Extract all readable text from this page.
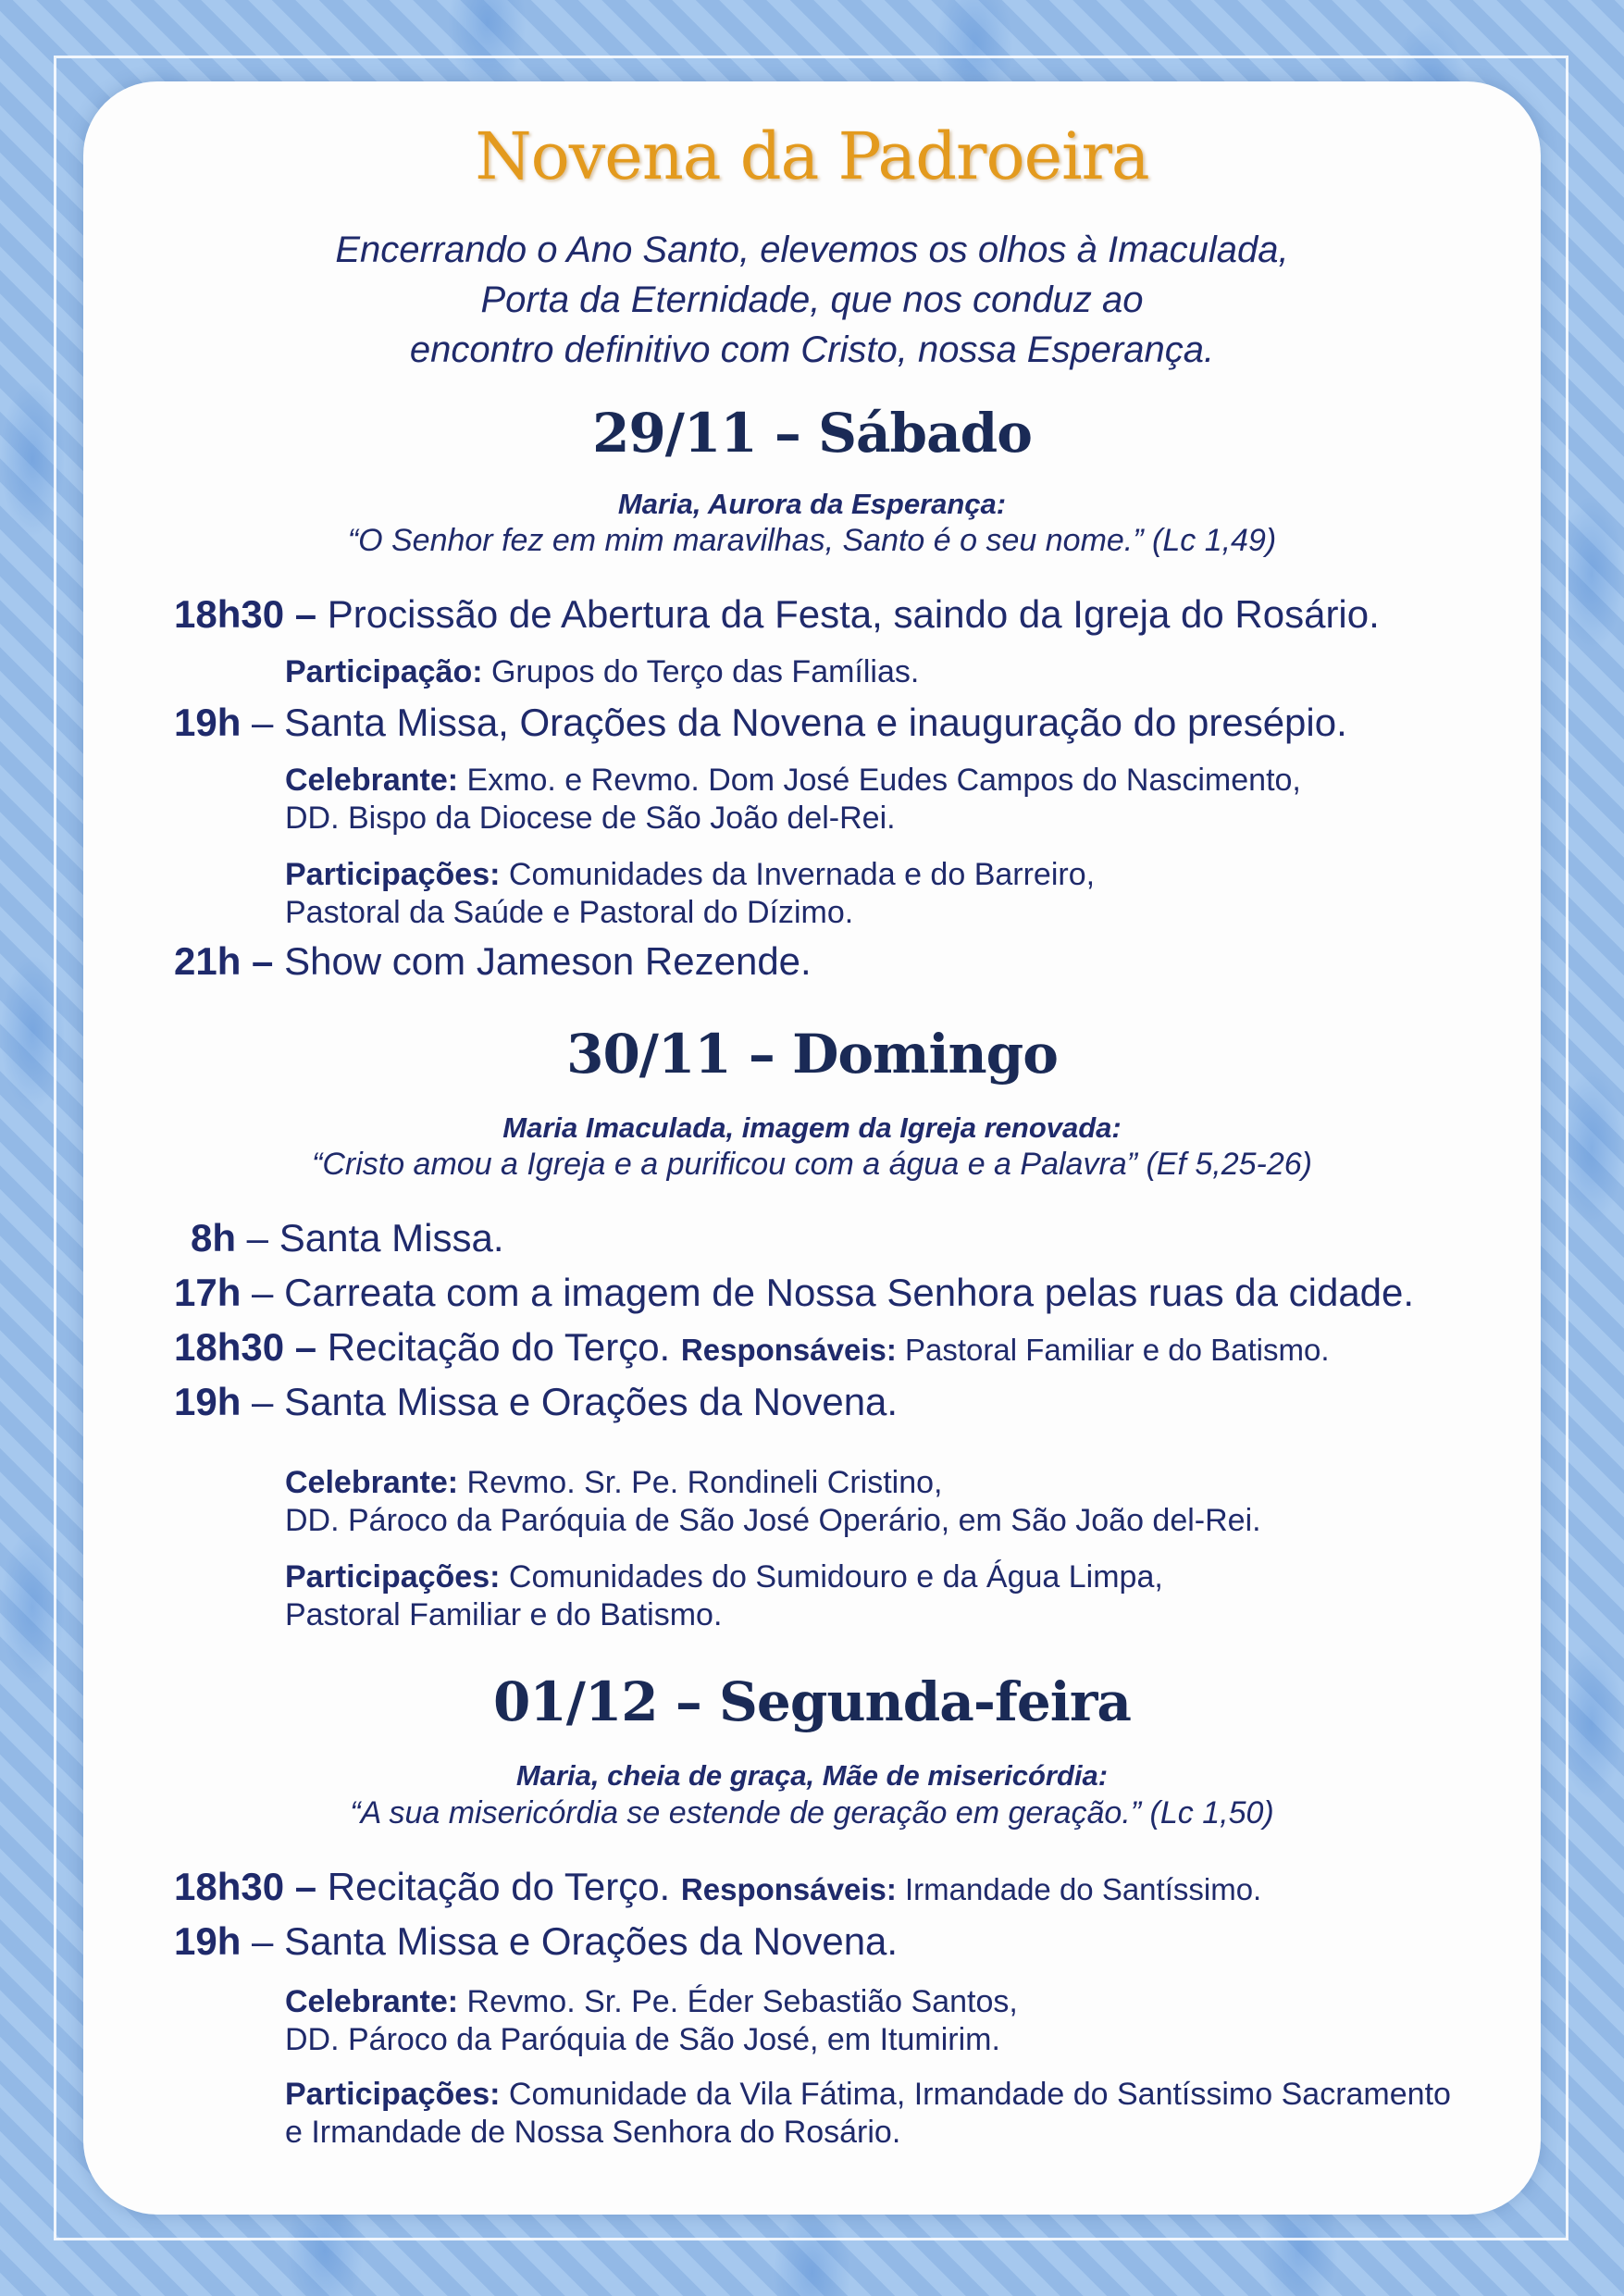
Novena da Padroeira
Encerrando o Ano Santo, elevemos os olhos à Imaculada,
Porta da Eternidade, que nos conduz ao
encontro definitivo com Cristo, nossa Esperança.
29/11 – Sábado
Maria, Aurora da Esperança:
“O Senhor fez em mim maravilhas, Santo é o seu nome.” (Lc 1,49)
18h30 – Procissão de Abertura da Festa, saindo da Igreja do Rosário.
Participação: Grupos do Terço das Famílias.
19h – Santa Missa, Orações da Novena e inauguração do presépio.
Celebrante: Exmo. e Revmo. Dom José Eudes Campos do Nascimento,
DD. Bispo da Diocese de São João del-Rei.
Participações: Comunidades da Invernada e do Barreiro,
Pastoral da Saúde e Pastoral do Dízimo.
21h – Show com Jameson Rezende.
30/11 – Domingo
Maria Imaculada, imagem da Igreja renovada:
“Cristo amou a Igreja e a purificou com a água e a Palavra” (Ef 5,25-26)
8h – Santa Missa.
17h – Carreata com a imagem de Nossa Senhora pelas ruas da cidade.
18h30 – Recitação do Terço. Responsáveis: Pastoral Familiar e do Batismo.
19h – Santa Missa e Orações da Novena.
Celebrante: Revmo. Sr. Pe. Rondineli Cristino,
DD. Pároco da Paróquia de São José Operário, em São João del-Rei.
Participações: Comunidades do Sumidouro e da Água Limpa,
Pastoral Familiar e do Batismo.
01/12 – Segunda-feira
Maria, cheia de graça, Mãe de misericórdia:
“A sua misericórdia se estende de geração em geração.” (Lc 1,50)
18h30 – Recitação do Terço. Responsáveis: Irmandade do Santíssimo.
19h – Santa Missa e Orações da Novena.
Celebrante: Revmo. Sr. Pe. Éder Sebastião Santos,
DD. Pároco da Paróquia de São José, em Itumirim.
Participações: Comunidade da Vila Fátima, Irmandade do Santíssimo Sacramento
e Irmandade de Nossa Senhora do Rosário.
